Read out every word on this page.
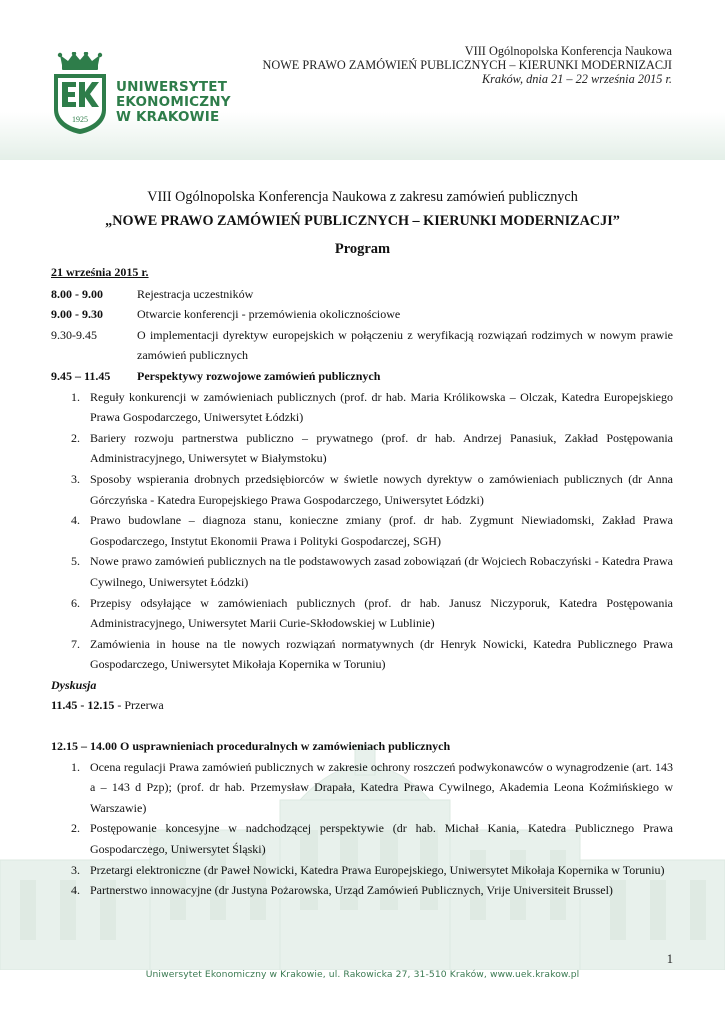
1925
UNIWERSYTET
EKONOMICZNY
W KRAKOWIE
VIII Ogólnopolska Konferencja Naukowa
NOWE PRAWO ZAMÓWIEŃ PUBLICZNYCH – KIERUNKI MODERNIZACJI
Kraków, dnia 21 – 22 września 2015 r.
VIII Ogólnopolska Konferencja Naukowa z zakresu zamówień publicznych
„NOWE PRAWO ZAMÓWIEŃ PUBLICZNYCH – KIERUNKI MODERNIZACJI”
Program
21 września 2015 r.
8.00 - 9.00	Rejestracja uczestników
9.00 - 9.30	Otwarcie konferencji - przemówienia okolicznościowe
9.30-9.45	O implementacji dyrektyw europejskich w połączeniu z weryfikacją rozwiązań rodzimych w nowym prawie zamówień publicznych
9.45 – 11.45	Perspektywy rozwojowe zamówień publicznych
1. Reguły konkurencji w zamówieniach publicznych (prof. dr hab. Maria Królikowska – Olczak, Katedra Europejskiego Prawa Gospodarczego, Uniwersytet Łódzki)
2. Bariery rozwoju partnerstwa publiczno – prywatnego (prof. dr hab. Andrzej Panasiuk, Zakład Postępowania Administracyjnego, Uniwersytet w Białymstoku)
3. Sposoby wspierania drobnych przedsiębiorców w świetle nowych dyrektyw o zamówieniach publicznych (dr Anna Górczyńska - Katedra Europejskiego Prawa Gospodarczego, Uniwersytet Łódzki)
4. Prawo budowlane – diagnoza stanu, konieczne zmiany (prof. dr hab. Zygmunt Niewiadomski, Zakład Prawa Gospodarczego, Instytut Ekonomii Prawa i Polityki Gospodarczej, SGH)
5. Nowe prawo zamówień publicznych na tle podstawowych zasad zobowiązań (dr Wojciech Robaczyński - Katedra Prawa Cywilnego, Uniwersytet Łódzki)
6. Przepisy odsyłające w zamówieniach publicznych (prof. dr hab. Janusz Niczyporuk, Katedra Postępowania Administracyjnego, Uniwersytet Marii Curie-Skłodowskiej w Lublinie)
7. Zamówienia in house na tle nowych rozwiązań normatywnych (dr Henryk Nowicki, Katedra Publicznego Prawa Gospodarczego, Uniwersytet Mikołaja Kopernika w Toruniu)
Dyskusja
11.45 - 12.15 - Przerwa
12.15 – 14.00 O usprawnieniach proceduralnych w zamówieniach publicznych
1. Ocena regulacji Prawa zamówień publicznych w zakresie ochrony roszczeń podwykonawców o wynagrodzenie (art. 143 a – 143 d Pzp); (prof. dr hab. Przemysław Drapała, Katedra Prawa Cywilnego, Akademia Leona Koźmińskiego w Warszawie)
2. Postępowanie koncesyjne w nadchodzącej perspektywie (dr hab. Michał Kania, Katedra Publicznego Prawa Gospodarczego, Uniwersytet Śląski)
3. Przetargi elektroniczne (dr Paweł Nowicki, Katedra Prawa Europejskiego, Uniwersytet Mikołaja Kopernika w Toruniu)
4. Partnerstwo innowacyjne (dr Justyna Pożarowska, Urząd Zamówień Publicznych, Vrije Universiteit Brussel)
1
Uniwersytet Ekonomiczny w Krakowie, ul. Rakowicka 27, 31-510 Kraków, www.uek.krakow.pl
